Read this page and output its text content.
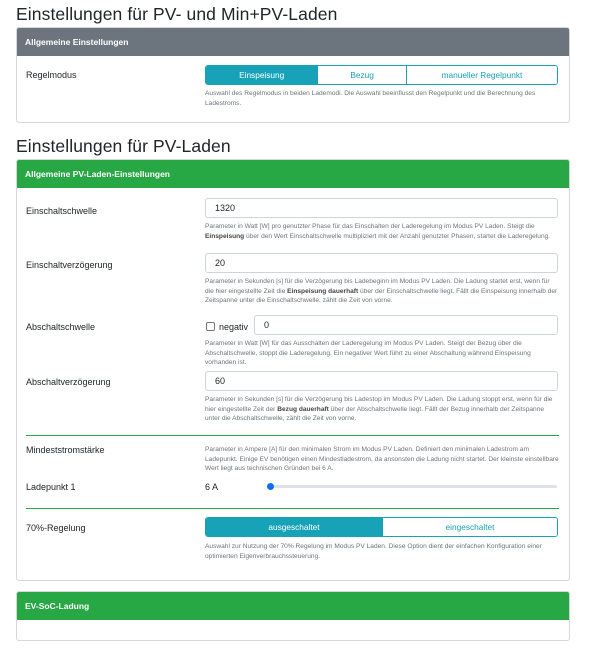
Einstellungen für PV- und Min+PV-Laden
Allgemeine Einstellungen
Regelmodus	Einspeisung	Bezug	manueller Regelpunkt
Auswahl des Regelmodus in beiden Lademodi. Die Auswahl beeinflusst den Regelpunkt und die Berechnung des Ladestroms.
Einstellungen für PV-Laden
Allgemeine PV-Laden-Einstellungen
Einschaltschwelle	1320
Parameter in Watt [W] pro genutzter Phase für das Einschalten der Laderegelung im Modus PV Laden. Steigt die Einspeisung über den Wert Einschaltschwelle multipliziert mit der Anzahl genutzter Phasen, startet die Laderegelung.
Einschaltverzögerung	20
Parameter in Sekunden [s] für die Verzögerung bis Ladebeginn im Modus PV Laden. Die Ladung startet erst, wenn für die hier eingestellte Zeit die Einspeisung dauerhaft über der Einschaltschwelle liegt. Fällt die Einspeisung innerhalb der Zeitspanne unter die Einschaltschwelle, zählt die Zeit von vorne.
Abschaltschwelle	negativ	0
Parameter in Watt [W] für das Ausschalten der Laderegelung im Modus PV Laden. Steigt der Bezug über die Abschaltschwelle, stoppt die Laderegelung. Ein negativer Wert führt zu einer Abschaltung während Einspeisung vorhanden ist.
Abschaltverzögerung	60
Parameter in Sekunden [s] für die Verzögerung bis Ladestop im Modus PV Laden. Die Ladung stoppt erst, wenn für die hier eingestellte Zeit der Bezug dauerhaft über der Abschaltschwelle liegt. Fällt der Bezug innerhalb der Zeitspanne unter die Abschaltschwelle, zählt die Zeit von vorne.
Mindeststromstärke	Parameter in Ampere [A] für den minimalen Strom im Modus PV Laden. Definiert den minimalen Ladestrom am Ladepunkt. Einige EV benötigen einen Mindestladestrom, da ansonsten die Ladung nicht startet. Der kleinste einstellbare Wert liegt aus technischen Gründen bei 6 A.
Ladepunkt 1	6 A
70%-Regelung	ausgeschaltet	eingeschaltet
Auswahl zur Nutzung der 70% Regelung im Modus PV Laden. Diese Option dient der einfachen Konfiguration einer optimierten Eigenverbrauchssteuerung.
EV-SoC-Ladung
